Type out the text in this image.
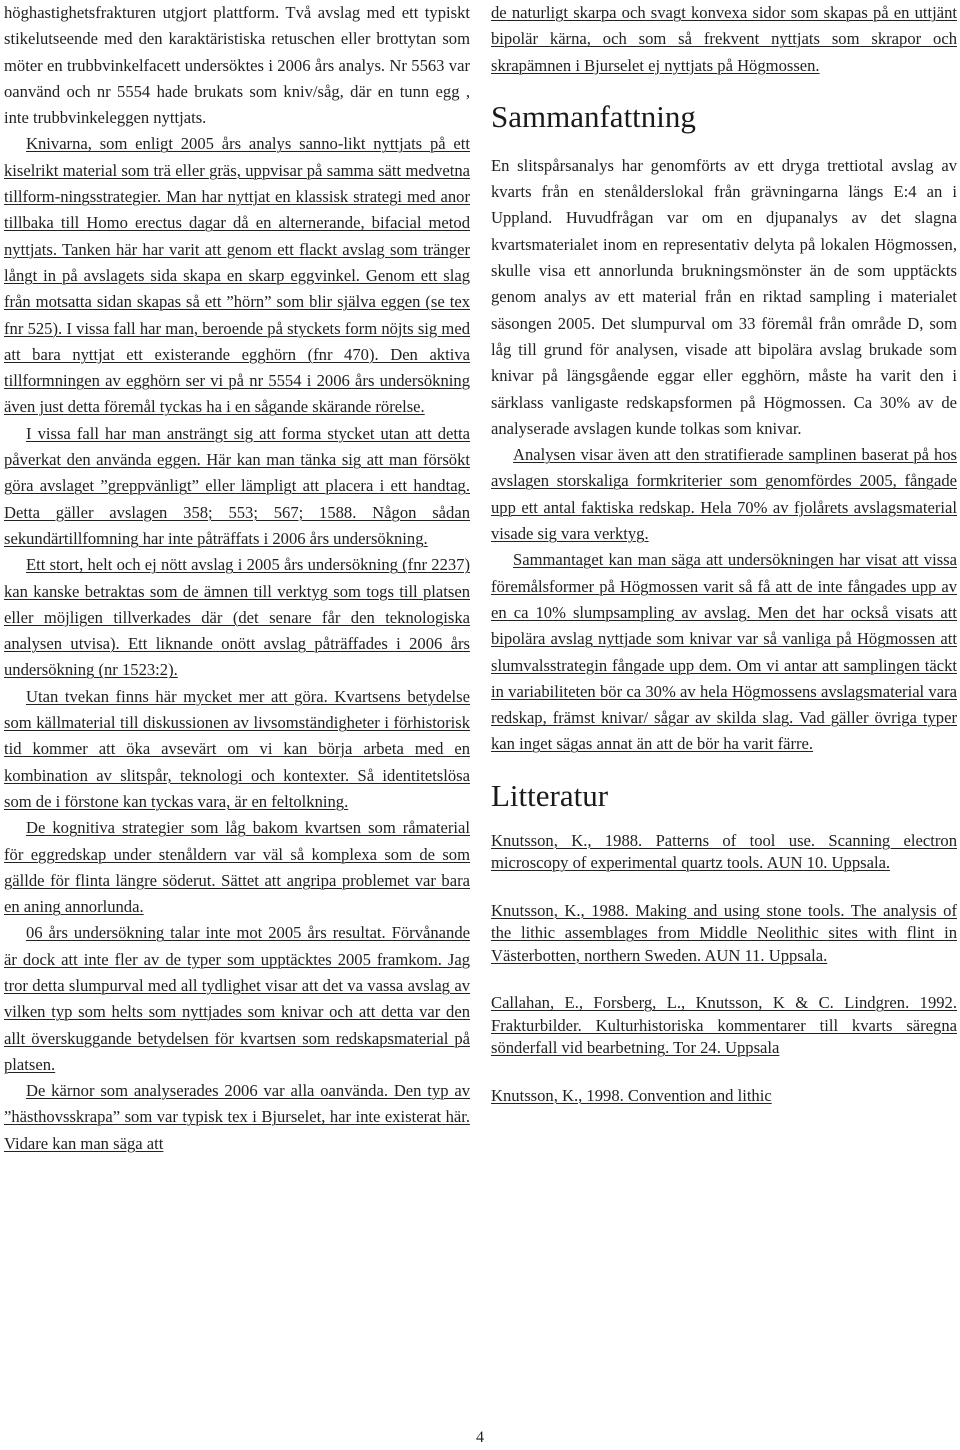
höghastighetsfrakturen utgjort plattform. Två avslag med ett typiskt stikelutseende med den karaktäristiska retuschen eller brottytan som möter en trubbvinkelfacett undersöktes i 2006 års analys. Nr 5563 var oanvänd och nr 5554 hade brukats som kniv/såg, där en tunn egg , inte trubbvinkeleggen nyttjats.

Knivarna, som enligt 2005 års analys sanno-likt nyttjats på ett kiselrikt material som trä eller gräs, uppvisar på samma sätt medvetna tillform-ningsstrategier. Man har nyttjat en klassisk strategi med anor tillbaka till Homo erectus dagar då en alternerande, bifacial metod nyttjats. Tanken här har varit att genom ett flackt avslag som tränger långt in på avslagets sida skapa en skarp eggvinkel. Genom ett slag från motsatta sidan skapas så ett ”hörn” som blir själva eggen (se tex fnr 525). I vissa fall har man, beroende på styckets form nöjts sig med att bara nyttjat ett existerande egghörn (fnr 470). Den aktiva tillformningen av egghörn ser vi på nr 5554 i 2006 års undersökning även just detta föremål tyckas ha i en sågande skärande rörelse.

I vissa fall har man ansträngt sig att forma stycket utan att detta påverkat den använda eggen. Här kan man tänka sig att man försökt göra avslaget ”greppvänligt” eller lämpligt att placera i ett handtag. Detta gäller avslagen 358; 553; 567; 1588. Någon sådan sekundärtillfomning har inte påträffats i 2006 års undersökning.

Ett stort, helt och ej nött avslag i 2005 års undersökning (fnr 2237) kan kanske betraktas som de ämnen till verktyg som togs till platsen eller möjligen tillverkades där (det senare får den teknologiska analysen utvisa). Ett liknande onött avslag påträffades i 2006 års undersökning (nr 1523:2).

Utan tvekan finns här mycket mer att göra. Kvartsens betydelse som källmaterial till diskussionen av livsomständigheter i förhistorisk tid kommer att öka avsevärt om vi kan börja arbeta med en kombination av slitspår, teknologi och kontexter. Så identitetslösa som de i förstone kan tyckas vara, är en feltolkning.

De kognitiva strategier som låg bakom kvartsen som råmaterial för eggredskap under stenåldern var väl så komplexa som de som gällde för flinta längre söderut. Sättet att angripa problemet var bara en aning annorlunda.

06 års undersökning talar inte mot 2005 års resultat. Förvånande är dock att inte fler av de typer som upptäcktes 2005 framkom. Jag tror detta slumpurval med all tydlighet visar att det va vassa avslag av vilken typ som helts som nyttjades som knivar och att detta var den allt överskuggande betydelsen för kvartsen som redskapsmaterial på platsen.

De kärnor som analyserades 2006 var alla oanvända. Den typ av ”hästhovsskrapa” som var typisk tex i Bjurselet, har inte existerat här. Vidare kan man säga att

de naturligt skarpa och svagt konvexa sidor som skapas på en uttjänt bipolär kärna, och som så frekvent nyttjats som skrapor och skrapämnen i Bjurselet ej nyttjats på Högmossen.

Sammanfattning

En slitspårsanalys har genomförts av ett dryga trettiotal avslag av kvarts från en stenålderslokal från grävningarna längs E:4 an i Uppland. Huvudfrågan var om en djupanalys av det slagna kvartsmaterialet inom en representativ delyta på lokalen Högmossen, skulle visa ett annorlunda brukningsmönster än de som upptäckts genom analys av ett material från en riktad sampling i materialet säsongen 2005. Det slumpurval om 33 föremål från område D, som låg till grund för analysen, visade att bipolära avslag brukade som knivar på längsgående eggar eller egghörn, måste ha varit den i särklass vanligaste redskapsformen på Högmossen. Ca 30% av de analyserade avslagen kunde tolkas som knivar.

Analysen visar även att den stratifierade samplinen baserat på hos avslagen storskaliga formkriterier som genomfördes 2005, fångade upp ett antal faktiska redskap. Hela 70% av fjolårets avslagsmaterial visade sig vara verktyg.

Sammantaget kan man säga att undersökningen har visat att vissa föremålsformer på Högmossen varit så få att de inte fångades upp av en ca 10% slumpsampling av avslag. Men det har också visats att bipolära avslag nyttjade som knivar var så vanliga på Högmossen att slumvalsstrategin fångade upp dem. Om vi antar att samplingen täckt in variabiliteten bör ca 30% av hela Högmossens avslagsmaterial vara redskap, främst knivar/ sågar av skilda slag. Vad gäller övriga typer kan inget sägas annat än att de bör ha varit färre.

Litteratur

Knutsson, K., 1988. Patterns of tool use. Scanning electron microscopy of experimental quartz tools. AUN 10. Uppsala.

Knutsson, K., 1988. Making and using stone tools. The analysis of the lithic assemblages from Middle Neolithic sites with flint in Västerbotten, northern Sweden. AUN 11. Uppsala.

Callahan, E., Forsberg, L., Knutsson, K & C. Lindgren. 1992. Frakturbilder. Kulturhistoriska kommentarer till kvarts säregna sönderfall vid bearbetning. Tor 24. Uppsala

Knutsson, K., 1998. Convention and lithic

4
